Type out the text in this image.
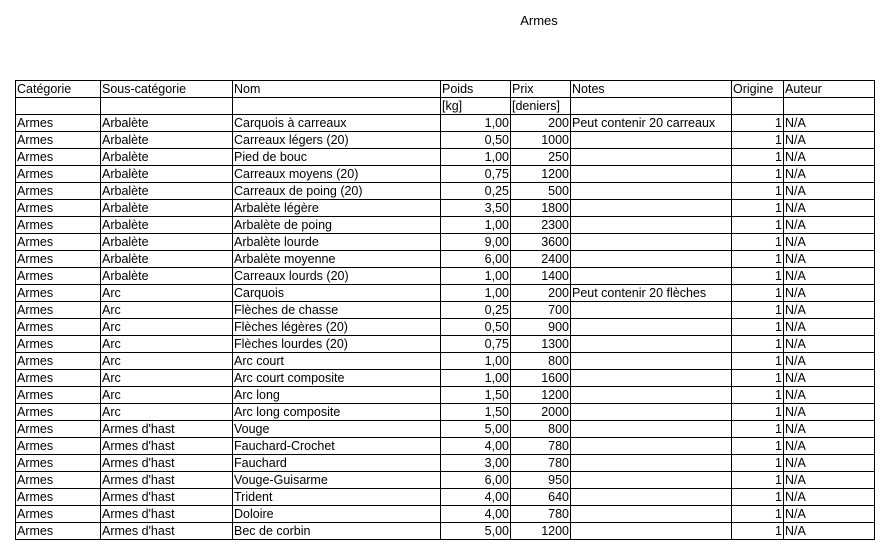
Armes
Catégorie	Sous-catégorie	Nom	Poids	Prix	Notes	Origine	Auteur
			[kg]	[deniers]			
Armes	Arbalète	Carquois à carreaux	1,00	200	Peut contenir 20 carreaux	1	N/A
Armes	Arbalète	Carreaux légers (20)	0,50	1000		1	N/A
Armes	Arbalète	Pied de bouc	1,00	250		1	N/A
Armes	Arbalète	Carreaux moyens (20)	0,75	1200		1	N/A
Armes	Arbalète	Carreaux de poing (20)	0,25	500		1	N/A
Armes	Arbalète	Arbalète légère	3,50	1800		1	N/A
Armes	Arbalète	Arbalète de poing	1,00	2300		1	N/A
Armes	Arbalète	Arbalète lourde	9,00	3600		1	N/A
Armes	Arbalète	Arbalète moyenne	6,00	2400		1	N/A
Armes	Arbalète	Carreaux lourds (20)	1,00	1400		1	N/A
Armes	Arc	Carquois	1,00	200	Peut contenir 20 flèches	1	N/A
Armes	Arc	Flèches de chasse	0,25	700		1	N/A
Armes	Arc	Flèches légères (20)	0,50	900		1	N/A
Armes	Arc	Flèches lourdes (20)	0,75	1300		1	N/A
Armes	Arc	Arc court	1,00	800		1	N/A
Armes	Arc	Arc court composite	1,00	1600		1	N/A
Armes	Arc	Arc long	1,50	1200		1	N/A
Armes	Arc	Arc long composite	1,50	2000		1	N/A
Armes	Armes d'hast	Vouge	5,00	800		1	N/A
Armes	Armes d'hast	Fauchard-Crochet	4,00	780		1	N/A
Armes	Armes d'hast	Fauchard	3,00	780		1	N/A
Armes	Armes d'hast	Vouge-Guisarme	6,00	950		1	N/A
Armes	Armes d'hast	Trident	4,00	640		1	N/A
Armes	Armes d'hast	Doloire	4,00	780		1	N/A
Armes	Armes d'hast	Bec de corbin	5,00	1200		1	N/A
